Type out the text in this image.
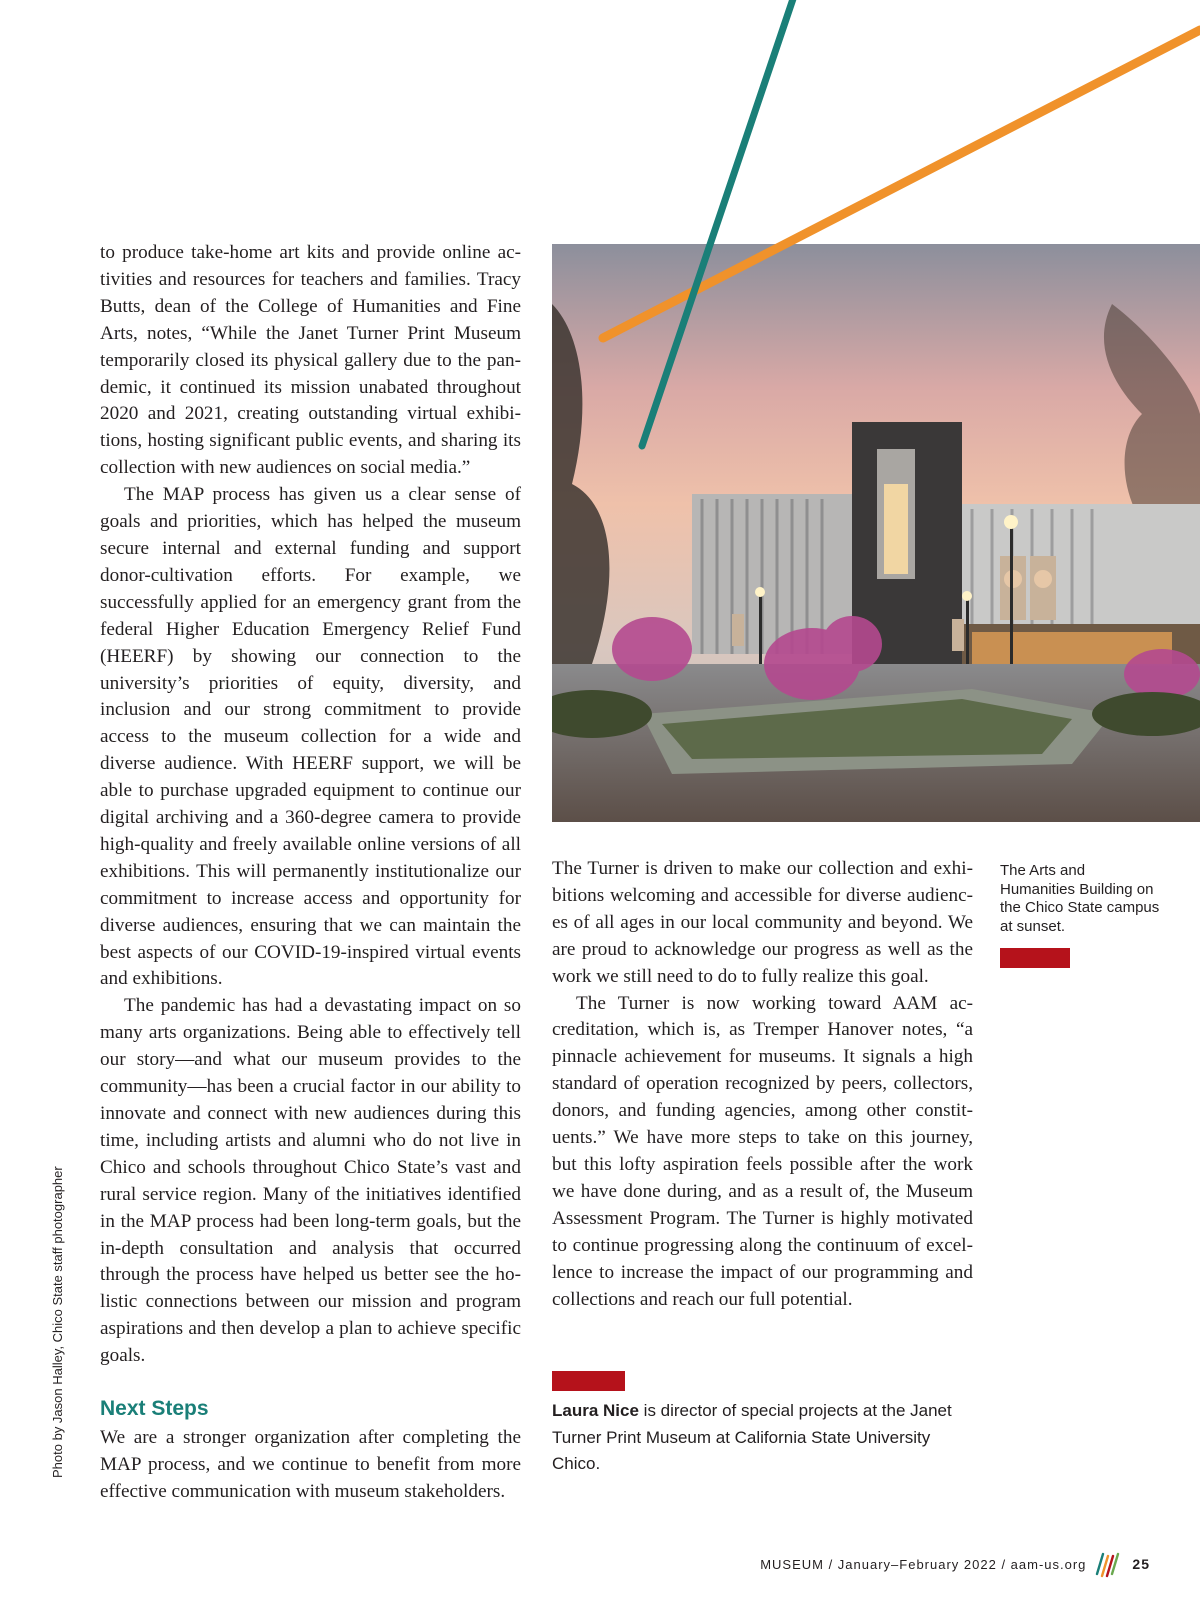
to produce take-home art kits and provide online activities and resources for teachers and families. Tracy Butts, dean of the College of Humanities and Fine Arts, notes, “While the Janet Turner Print Museum temporarily closed its physical gallery due to the pandemic, it continued its mission unabated throughout 2020 and 2021, creating outstanding virtual exhibitions, hosting significant public events, and sharing its collection with new audiences on social media.”

The MAP process has given us a clear sense of goals and priorities, which has helped the museum secure internal and external funding and support donor-cultivation efforts. For example, we successfully applied for an emergency grant from the federal Higher Education Emergency Relief Fund (HEERF) by showing our connection to the university’s priorities of equity, diversity, and inclusion and our strong commitment to provide access to the museum collection for a wide and diverse audience. With HEERF support, we will be able to purchase upgraded equipment to continue our digital archiving and a 360-degree camera to provide high-quality and freely available online versions of all exhibitions. This will permanently institutionalize our commitment to increase access and opportunity for diverse audiences, ensuring that we can maintain the best aspects of our COVID-19-inspired virtual events and exhibitions.

The pandemic has had a devastating impact on so many arts organizations. Being able to effectively tell our story—and what our museum provides to the community—has been a crucial factor in our ability to innovate and connect with new audiences during this time, including artists and alumni who do not live in Chico and schools throughout Chico State’s vast and rural service region. Many of the initiatives identified in the MAP process had been long-term goals, but the in-depth consultation and analysis that occurred through the process have helped us better see the holistic connections between our mission and program aspirations and then develop a plan to achieve specific goals.

Next Steps

We are a stronger organization after completing the MAP process, and we continue to benefit from more effective communication with museum stakeholders.

The Turner is driven to make our collection and exhibitions welcoming and accessible for diverse audiences of all ages in our local community and beyond. We are proud to acknowledge our progress as well as the work we still need to do to fully realize this goal.

The Turner is now working toward AAM accreditation, which is, as Tremper Hanover notes, “a pinnacle achievement for museums. It signals a high standard of operation recognized by peers, collectors, donors, and funding agencies, among other constituents.” We have more steps to take on this journey, but this lofty aspiration feels possible after the work we have done during, and as a result of, the Museum Assessment Program. The Turner is highly motivated to continue progressing along the continuum of excellence to increase the impact of our programming and collections and reach our full potential.

The Arts and Humanities Building on the Chico State campus at sunset.
Laura Nice is director of special projects at the Janet Turner Print Museum at California State University Chico.
Photo by Jason Halley, Chico State staff photographer
MUSEUM / January–February 2022 / aam-us.org	25
